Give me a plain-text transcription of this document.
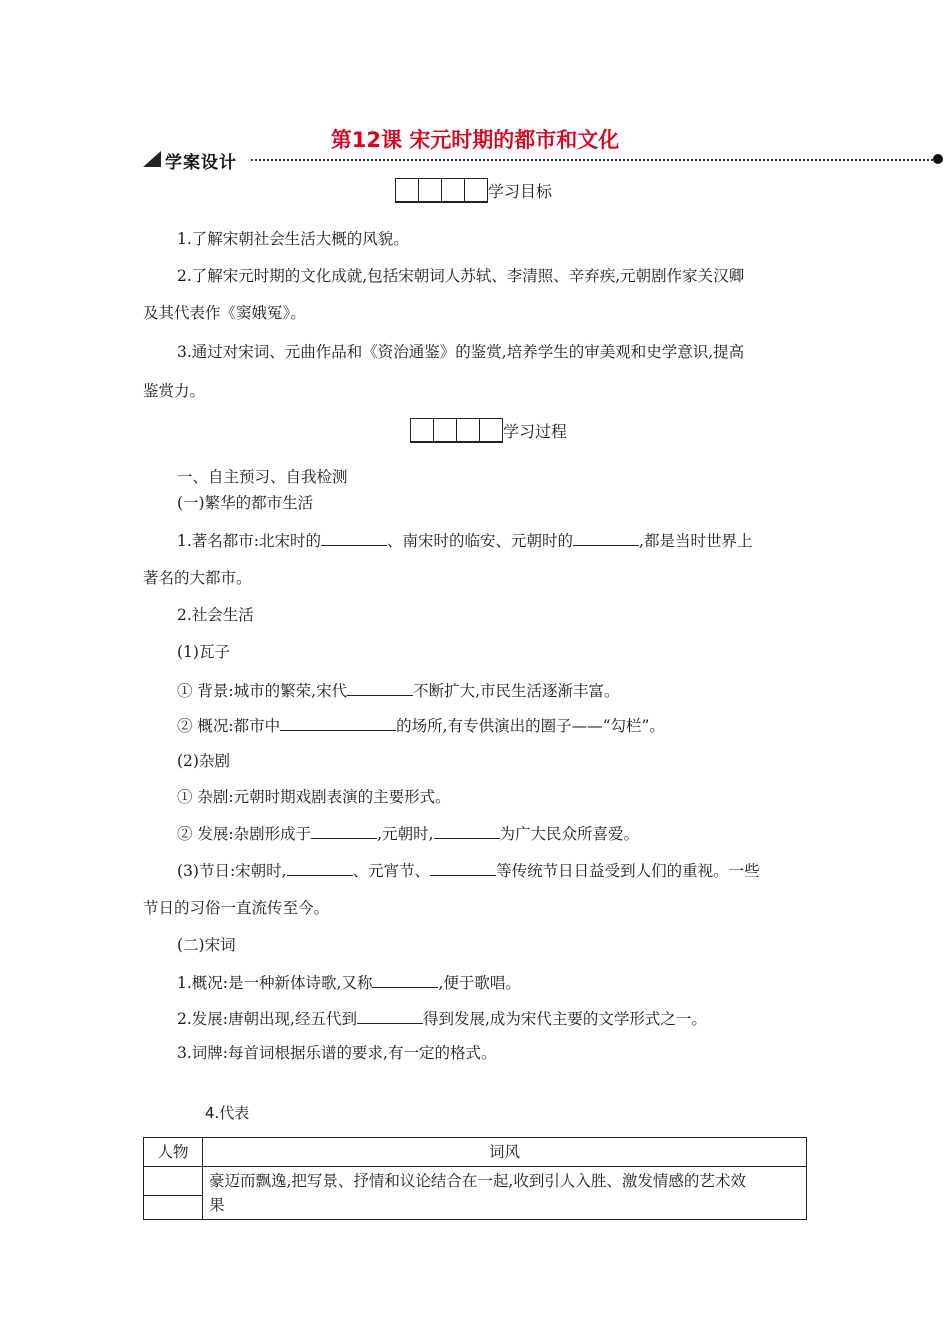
第12课 宋元时期的都市和文化
学案设计
学习目标
1.了解宋朝社会生活大概的风貌。
2.了解宋元时期的文化成就,包括宋朝词人苏轼、李清照、辛弃疾,元朝剧作家关汉卿
及其代表作《窦娥冤》。
3.通过对宋词、元曲作品和《资治通鉴》的鉴赏,培养学生的审美观和史学意识,提高
鉴赏力。
学习过程
一、自主预习、自我检测
(一)繁华的都市生活
1.著名都市:北宋时的	、南宋时的临安、元朝时的	,都是当时世界上
著名的大都市。
2.社会生活
(1)瓦子
① 背景:城市的繁荣,宋代	不断扩大,市民生活逐渐丰富。
② 概况:都市中	的场所,有专供演出的圈子——“勾栏”。
(2)杂剧
① 杂剧:元朝时期戏剧表演的主要形式。
② 发展:杂剧形成于	,元朝时,	为广大民众所喜爱。
(3)节日:宋朝时,	、元宵节、	等传统节日日益受到人们的重视。一些
节日的习俗一直流传至今。
(二)宋词
1.概况:是一种新体诗歌,又称	,便于歌唱。
2.发展:唐朝出现,经五代到	得到发展,成为宋代主要的文学形式之一。
3.词牌:每首词根据乐谱的要求,有一定的格式。
4.代表
人物	词风

	豪迈而飘逸,把写景、抒情和议论结合在一起,收到引人入胜、激发情感的艺术效
果
